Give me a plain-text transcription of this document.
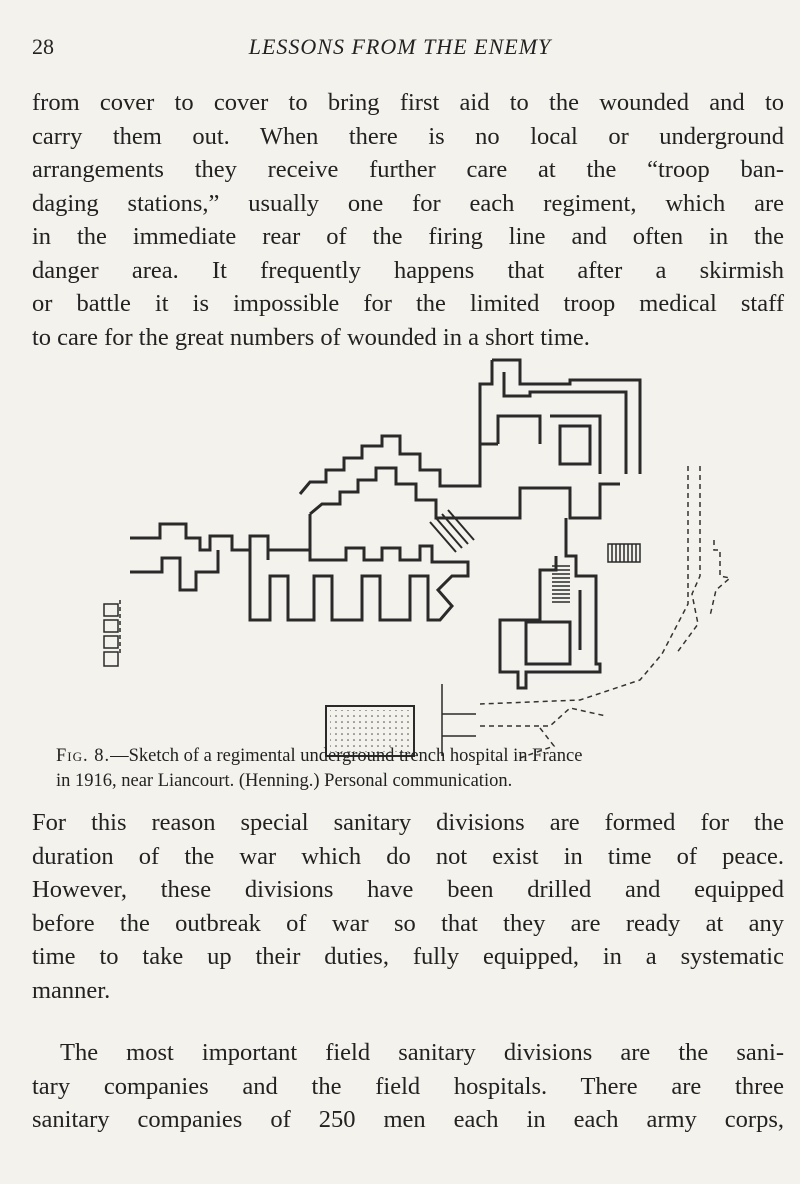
28	LESSONS FROM THE ENEMY
from cover to cover to bring first aid to the wounded and to
carry them out. When there is no local or underground
arrangements they receive further care at the “troop ban-
daging stations,” usually one for each regiment, which are
in the immediate rear of the firing line and often in the
danger area. It frequently happens that after a skirmish
or battle it is impossible for the limited troop medical staff
to care for the great numbers of wounded in a short time.
Fig. 8.—Sketch of a regimental underground trench hospital in France
in 1916, near Liancourt. (Henning.) Personal communication.
For this reason special sanitary divisions are formed for the
duration of the war which do not exist in time of peace.
However, these divisions have been drilled and equipped
before the outbreak of war so that they are ready at any
time to take up their duties, fully equipped, in a systematic
manner.
The most important field sanitary divisions are the sani-
tary companies and the field hospitals. There are three
sanitary companies of 250 men each in each army corps,
